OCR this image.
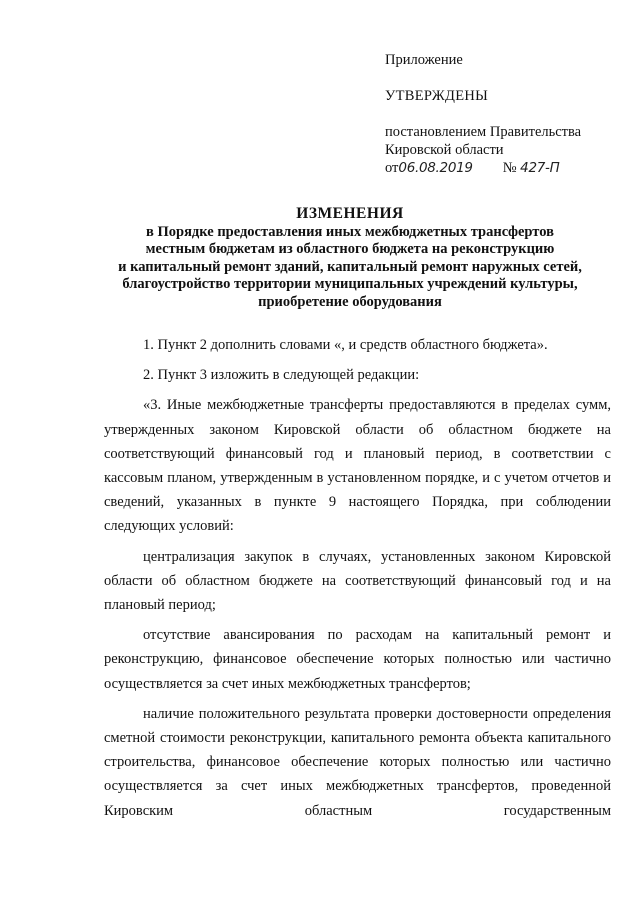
Приложение
УТВЕРЖДЕНЫ
постановлением Правительства
Кировской области
от06.08.2019 № 427-П
ИЗМЕНЕНИЯ
в Порядке предоставления иных межбюджетных трансфертов
местным бюджетам из областного бюджета на реконструкцию
и капитальный ремонт зданий, капитальный ремонт наружных сетей,
благоустройство территории муниципальных учреждений культуры,
приобретение оборудования

1. Пункт 2 дополнить словами «, и средств областного бюджета».

2. Пункт 3 изложить в следующей редакции:

«3. Иные межбюджетные трансферты предоставляются в пределах сумм, утвержденных законом Кировской области об областном бюджете на соответствующий финансовый год и плановый период, в соответствии с кассовым планом, утвержденным в установленном порядке, и с учетом отчетов и сведений, указанных в пункте 9 настоящего Порядка, при соблюдении следующих условий:

централизация закупок в случаях, установленных законом Кировской области об областном бюджете на соответствующий финансовый год и на плановый период;

отсутствие авансирования по расходам на капитальный ремонт и реконструкцию, финансовое обеспечение которых полностью или частично осуществляется за счет иных межбюджетных трансфертов;

наличие положительного результата проверки достоверности определения сметной стоимости реконструкции, капитального ремонта объекта капитального строительства, финансовое обеспечение которых полностью или частично осуществляется за счет иных межбюджетных трансфертов, проведенной Кировским областным государственным
